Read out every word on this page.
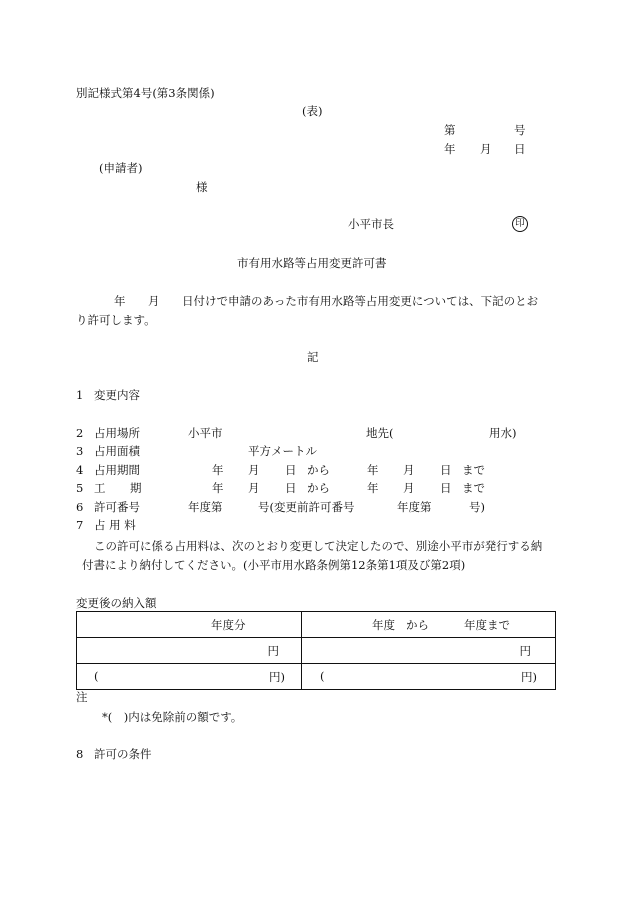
別記様式第4号(第3条関係)
(表)
第	号
年 月 日
(申請者)
様
小平市長	印
市有用水路等占用変更許可書
年 月 日付けで申請のあった市有用水路等占用変更については、下記のとお
り許可します。
記
1 変更内容
2 占用場所	小平市	地先(	用水)
3 占用面積	平方メートル
4 占用期間	年 月 日 から	年 月 日 まで
5 工 期	年 月 日 から	年 月 日 まで
6 許可番号	年度第	号(変更前許可番号	年度第	号)
7 占 用 料
この許可に係る占用料は、次のとおり変更して決定したので、別途小平市が発行する納
付書により納付してください。(小平市用水路条例第12条第1項及び第2項)
変更後の納入額
年度分	年度 から 年度まで

円	円

( 円)	( 円)
注
*(　)内は免除前の額です。
8 許可の条件
